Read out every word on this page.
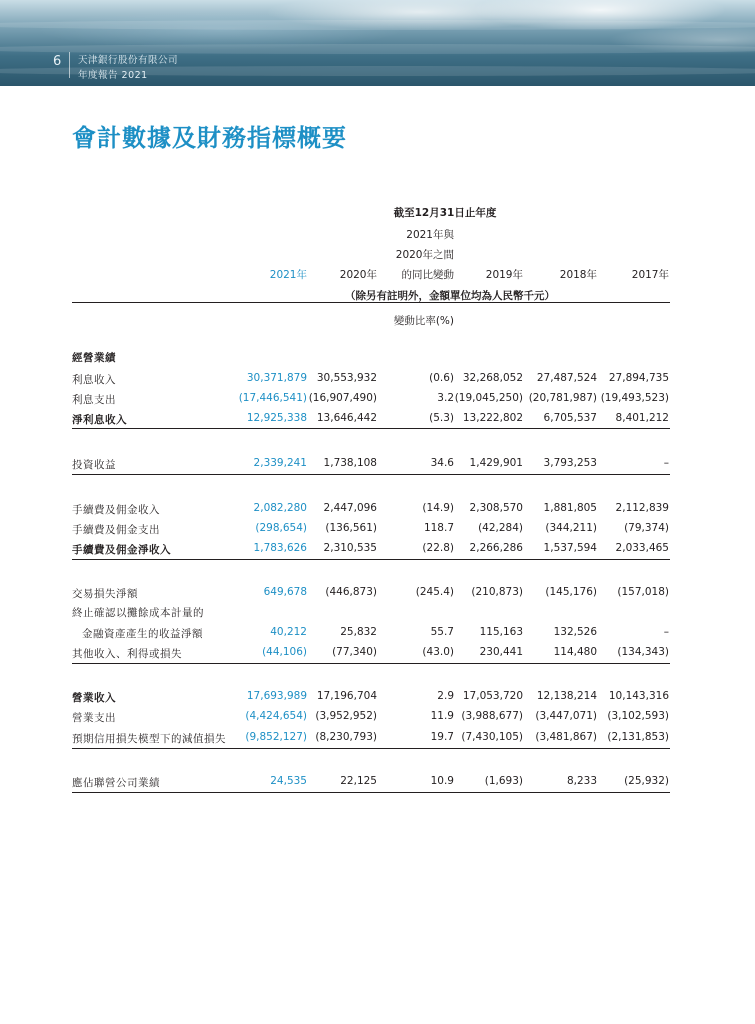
6 天津銀行股份有限公司
年度報告 2021
會計數據及財務指標概要
截至12月31日止年度
2021年與
2020年之間
的同比變動
2021年	2020年	2019年	2018年	2017年
（除另有註明外，金額單位均為人民幣千元）
變動比率(%)
經營業績
利息收入	30,371,879 30,553,932	(0.6) 32,268,052 27,487,524 27,894,735
利息支出	(17,446,541) (16,907,490)	3.2 (19,045,250) (20,781,987) (19,493,523)
淨利息收入	12,925,338 13,646,442	(5.3) 13,222,802 6,705,537 8,401,212
投資收益	2,339,241 1,738,108	34.6 1,429,901 3,793,253	–
手續費及佣金收入	2,082,280 2,447,096	(14.9) 2,308,570 1,881,805 2,112,839
手續費及佣金支出	(298,654) (136,561)	118.7 (42,284) (344,211)	(79,374)
手續費及佣金淨收入	1,783,626 2,310,535	(22.8) 2,266,286 1,537,594 2,033,465
交易損失淨額	649,678 (446,873)	(245.4) (210,873) (145,176) (157,018)
終止確認以攤餘成本計量的
金融資產產生的收益淨額	40,212	25,832	55.7 115,163	132,526	–
其他收入、利得或損失	(44,106) (77,340)	(43.0) 230,441	114,480 (134,343)
營業收入	17,693,989 17,196,704	2.9 17,053,720 12,138,214 10,143,316
營業支出	(4,424,654) (3,952,952)	11.9 (3,988,677) (3,447,071) (3,102,593)
預期信用損失模型下的減值損失 (9,852,127) (8,230,793)	19.7 (7,430,105) (3,481,867) (2,131,853)
應佔聯營公司業績	24,535	22,125	10.9	(1,693)	8,233	(25,932)
